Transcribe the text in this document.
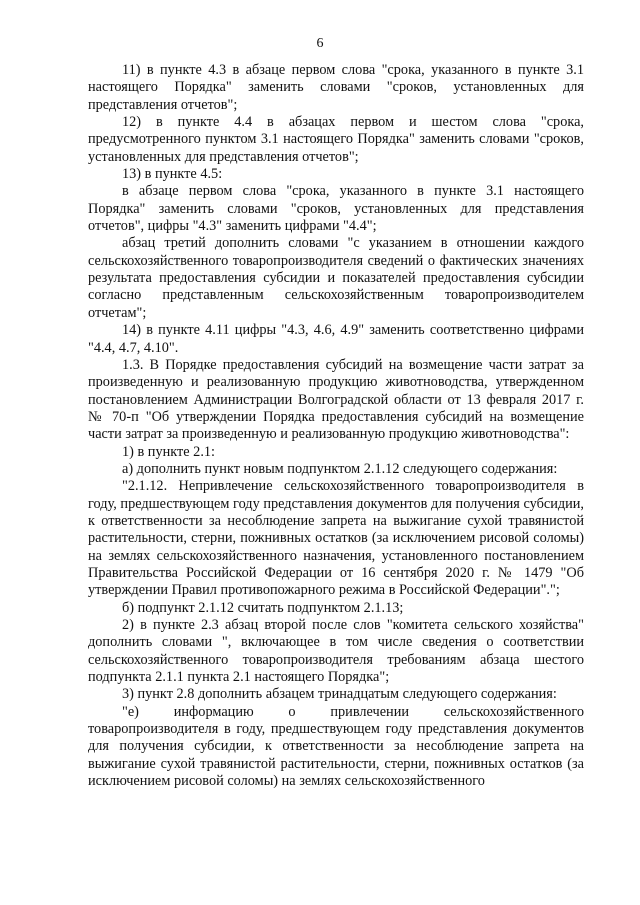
6

11) в пункте 4.3 в абзаце первом слова "срока, указанного в пункте 3.1 настоящего Порядка" заменить словами "сроков, установленных для представления отчетов";

12) в пункте 4.4 в абзацах первом и шестом слова "срока, предусмотренного пунктом 3.1 настоящего Порядка" заменить словами "сроков, установленных для представления отчетов";

13) в пункте 4.5:

в абзаце первом слова "срока, указанного в пункте 3.1 настоящего Порядка" заменить словами "сроков, установленных для представления отчетов", цифры "4.3" заменить цифрами "4.4";

абзац третий дополнить словами "с указанием в отношении каждого сельскохозяйственного товаропроизводителя сведений о фактических значениях результата предоставления субсидии и показателей предоставления субсидии согласно представленным сельскохозяйственным товаропроизводителем отчетам";

14) в пункте 4.11 цифры "4.3, 4.6, 4.9" заменить соответственно цифрами "4.4, 4.7, 4.10".

1.3. В Порядке предоставления субсидий на возмещение части затрат за произведенную и реализованную продукцию животноводства, утвержденном постановлением Администрации Волгоградской области от 13 февраля 2017 г. № 70-п "Об утверждении Порядка предоставления субсидий на возмещение части затрат за произведенную и реализованную продукцию животноводства":

1) в пункте 2.1:

а) дополнить пункт новым подпунктом 2.1.12 следующего содержания:

"2.1.12. Непривлечение сельскохозяйственного товаропроизводителя в году, предшествующем году представления документов для получения субсидии, к ответственности за несоблюдение запрета на выжигание сухой травянистой растительности, стерни, пожнивных остатков (за исключением рисовой соломы) на землях сельскохозяйственного назначения, установленного постановлением Правительства Российской Федерации от 16 сентября 2020 г. № 1479 "Об утверждении Правил противопожарного режима в Российской Федерации".";

б) подпункт 2.1.12 считать подпунктом 2.1.13;

2) в пункте 2.3 абзац второй после слов "комитета сельского хозяйства" дополнить словами ", включающее в том числе сведения о соответствии сельскохозяйственного товаропроизводителя требованиям абзаца шестого подпункта 2.1.1 пункта 2.1 настоящего Порядка";

3) пункт 2.8 дополнить абзацем тринадцатым следующего содержания:

"е) информацию о привлечении сельскохозяйственного товаропроизводителя в году, предшествующем году представления документов для получения субсидии, к ответственности за несоблюдение запрета на выжигание сухой травянистой растительности, стерни, пожнивных остатков (за исключением рисовой соломы) на землях сельскохозяйственного
